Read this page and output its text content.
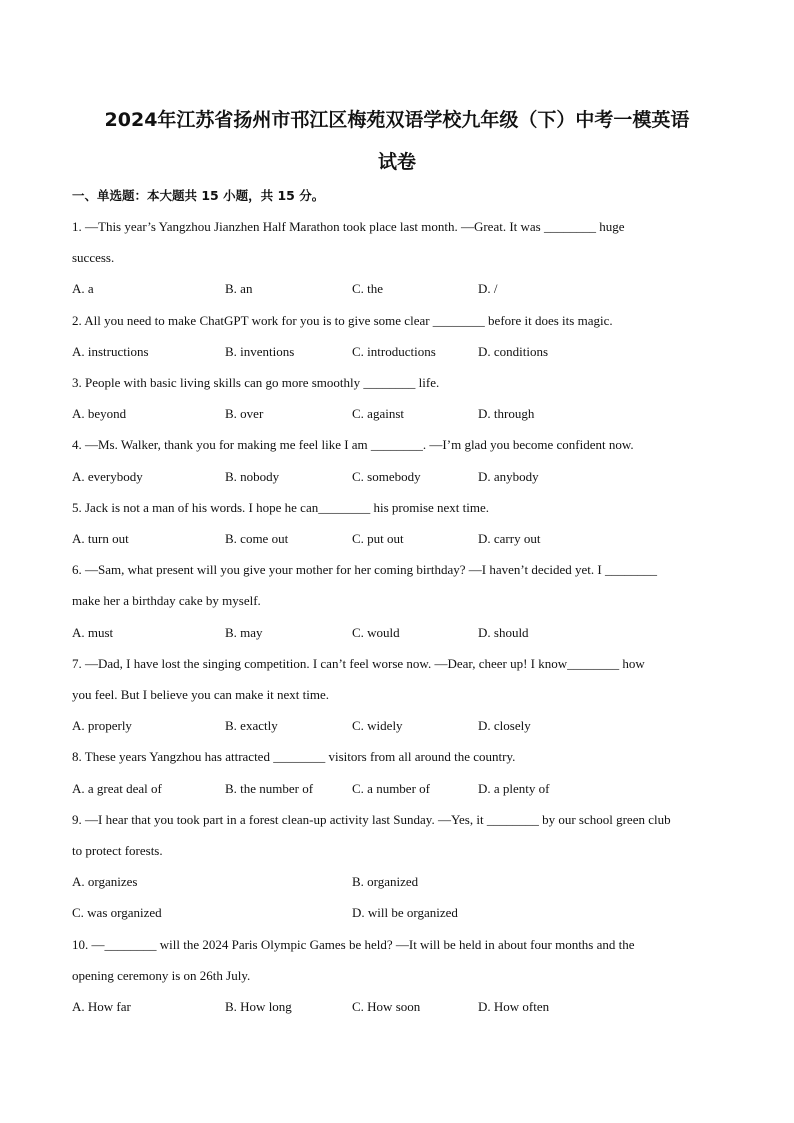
2024年江苏省扬州市邗江区梅苑双语学校九年级（下）中考一模英语
试卷
一、单选题：本大题共 15 小题，共 15 分。
1. —This year’s Yangzhou Jianzhen Half Marathon took place last month. —Great. It was ________ huge
success.
A. a	B. an	C. the	D. /
2. All you need to make ChatGPT work for you is to give some clear ________ before it does its magic.
A. instructions	B. inventions	C. introductions	D. conditions
3. People with basic living skills can go more smoothly ________ life.
A. beyond	B. over	C. against	D. through
4. —Ms. Walker, thank you for making me feel like I am ________. —I’m glad you become confident now.
A. everybody	B. nobody	C. somebody	D. anybody
5. Jack is not a man of his words. I hope he can________ his promise next time.
A. turn out	B. come out	C. put out	D. carry out
6. —Sam, what present will you give your mother for her coming birthday? —I haven’t decided yet. I ________
make her a birthday cake by myself.
A. must	B. may	C. would	D. should
7. —Dad, I have lost the singing competition. I can’t feel worse now. —Dear, cheer up! I know________ how
you feel. But I believe you can make it next time.
A. properly	B. exactly	C. widely	D. closely
8. These years Yangzhou has attracted ________ visitors from all around the country.
A. a great deal of	B. the number of	C. a number of	D. a plenty of
9. —I hear that you took part in a forest clean-up activity last Sunday. —Yes, it ________ by our school green club
to protect forests.
A. organizes	B. organized
C. was organized	D. will be organized
10. —________ will the 2024 Paris Olympic Games be held? —It will be held in about four months and the
opening ceremony is on 26th July.
A. How far	B. How long	C. How soon	D. How often
